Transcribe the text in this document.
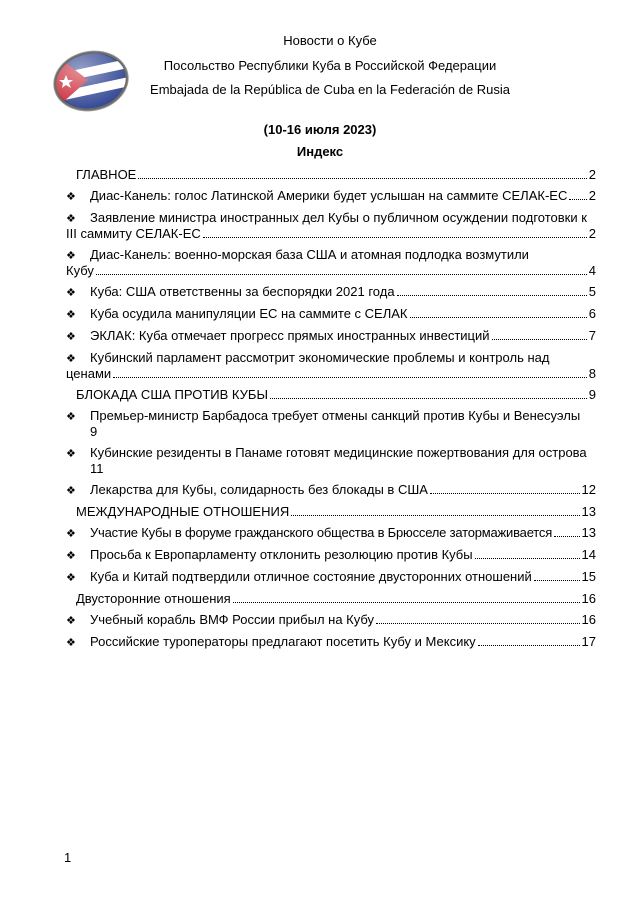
Новости о Кубе
Посольство Республики Куба в Российской Федерации
Embajada de la República de Cuba en la Federación de Rusia
(10-16 июля 2023)
Индекс
ГЛАВНОЕ	2
❖	Диас-Канель: голос Латинской Америки будет услышан на саммите СЕЛАК-ЕС 2
❖	Заявление министра иностранных дел Кубы о публичном осуждении подготовки к
III саммиту СЕЛАК-ЕС	2
❖	Диас-Канель: военно-морская база США и атомная подлодка возмутили
Кубу	4
❖	Куба: США ответственны за беспорядки 2021 года	5
❖	Куба осудила манипуляции ЕС на саммите с СЕЛАК	6
❖	ЭКЛАК: Куба отмечает прогресс прямых иностранных инвестиций	7
❖	Кубинский парламент рассмотрит экономические проблемы и контроль над
ценами	8
БЛОКАДА США ПРОТИВ КУБЫ	9
❖	Премьер-министр Барбадоса требует отмены санкций против Кубы и Венесуэлы
9
❖	Кубинские резиденты в Панаме готовят медицинские пожертвования для острова
11
❖	Лекарства для Кубы, солидарность без блокады в США	12
МЕЖДУНАРОДНЫЕ ОТНОШЕНИЯ	13
❖	Участие Кубы в форуме гражданского общества в Брюсселе затормаживается 13
❖	Просьба к Европарламенту отклонить резолюцию против Кубы	14
❖	Куба и Китай подтвердили отличное состояние двусторонних отношений	15
Двусторонние отношения	16
❖	Учебный корабль ВМФ России прибыл на Кубу	16
❖	Российские туроператоры предлагают посетить Кубу и Мексику	17
1
